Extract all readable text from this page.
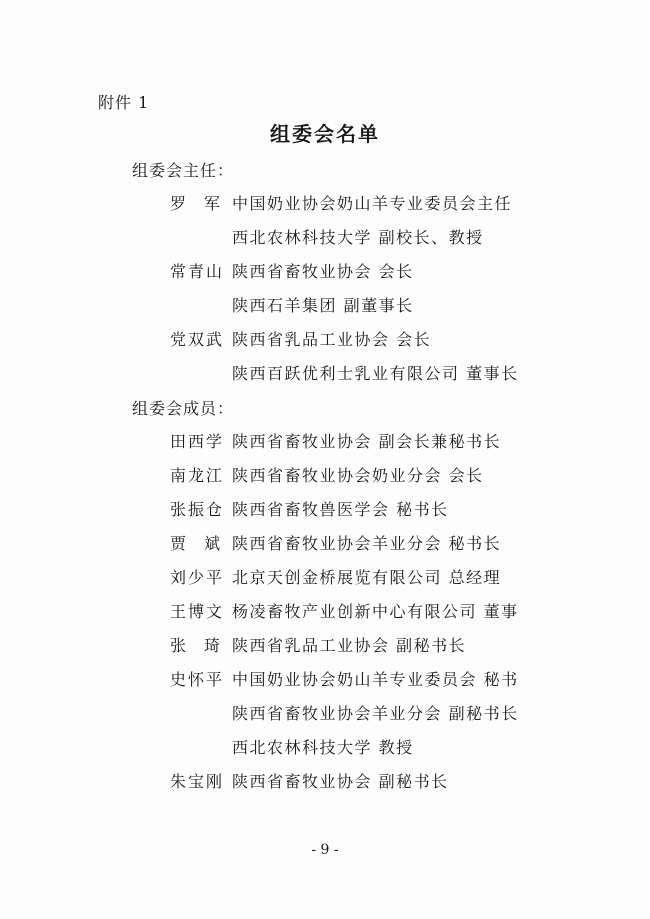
附件 1
组委会名单
组委会主任：
罗 军 中国奶业协会奶山羊专业委员会主任
西北农林科技大学 副校长、教授
常青山 陕西省畜牧业协会 会长
陕西石羊集团 副董事长
党双武 陕西省乳品工业协会 会长
陕西百跃优利士乳业有限公司 董事长
组委会成员：
田西学 陕西省畜牧业协会 副会长兼秘书长
南龙江 陕西省畜牧业协会奶业分会 会长
张振仓 陕西省畜牧兽医学会 秘书长
贾 斌 陕西省畜牧业协会羊业分会 秘书长
刘少平 北京天创金桥展览有限公司 总经理
王博文 杨凌畜牧产业创新中心有限公司 董事
张 琦 陕西省乳品工业协会 副秘书长
史怀平 中国奶业协会奶山羊专业委员会 秘书
陕西省畜牧业协会羊业分会 副秘书长
西北农林科技大学 教授
朱宝刚 陕西省畜牧业协会 副秘书长
- 9 -
